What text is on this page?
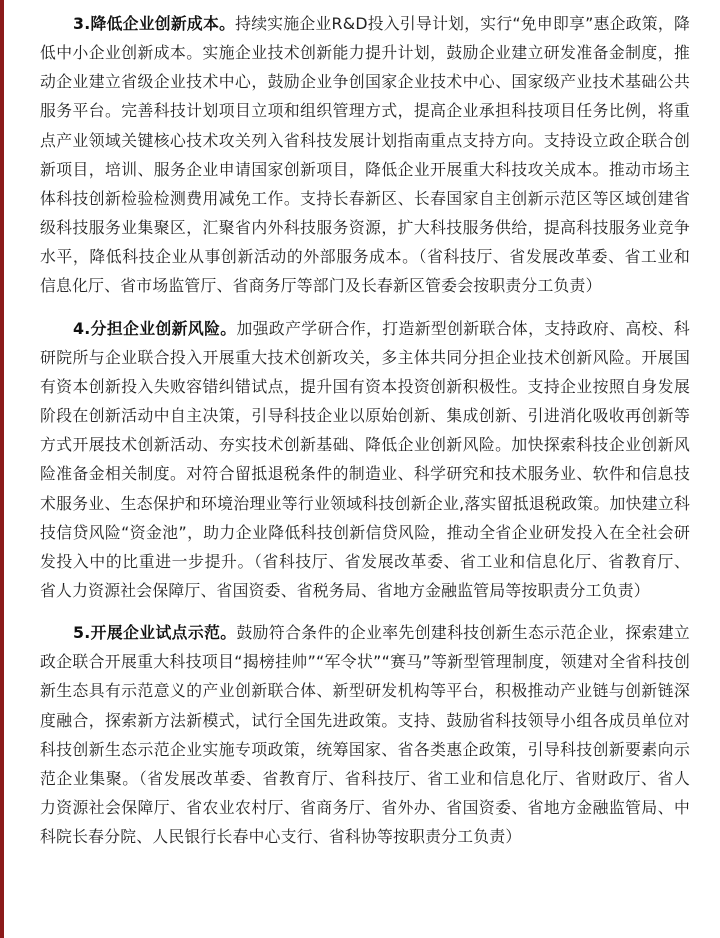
3.降低企业创新成本。持续实施企业R&D投入引导计划，实行“免申即享”惠企政策，降低中小企业创新成本。实施企业技术创新能力提升计划，鼓励企业建立研发准备金制度，推动企业建立省级企业技术中心，鼓励企业争创国家企业技术中心、国家级产业技术基础公共服务平台。完善科技计划项目立项和组织管理方式，提高企业承担科技项目任务比例，将重点产业领域关键核心技术攻关列入省科技发展计划指南重点支持方向。支持设立政企联合创新项目，培训、服务企业申请国家创新项目，降低企业开展重大科技攻关成本。推动市场主体科技创新检验检测费用减免工作。支持长春新区、长春国家自主创新示范区等区域创建省级科技服务业集聚区，汇聚省内外科技服务资源，扩大科技服务供给，提高科技服务业竞争水平，降低科技企业从事创新活动的外部服务成本。（省科技厅、省发展改革委、省工业和信息化厅、省市场监管厅、省商务厅等部门及长春新区管委会按职责分工负责）

4.分担企业创新风险。加强政产学研合作，打造新型创新联合体，支持政府、高校、科研院所与企业联合投入开展重大技术创新攻关，多主体共同分担企业技术创新风险。开展国有资本创新投入失败容错纠错试点，提升国有资本投资创新积极性。支持企业按照自身发展阶段在创新活动中自主决策，引导科技企业以原始创新、集成创新、引进消化吸收再创新等方式开展技术创新活动、夯实技术创新基础、降低企业创新风险。加快探索科技企业创新风险准备金相关制度。对符合留抵退税条件的制造业、科学研究和技术服务业、软件和信息技术服务业、生态保护和环境治理业等行业领域科技创新企业,落实留抵退税政策。加快建立科技信贷风险“资金池”，助力企业降低科技创新信贷风险，推动全省企业研发投入在全社会研发投入中的比重进一步提升。（省科技厅、省发展改革委、省工业和信息化厅、省教育厅、省人力资源社会保障厅、省国资委、省税务局、省地方金融监管局等按职责分工负责）

5.开展企业试点示范。鼓励符合条件的企业率先创建科技创新生态示范企业，探索建立政企联合开展重大科技项目“揭榜挂帅”“军令状”“赛马”等新型管理制度，领建对全省科技创新生态具有示范意义的产业创新联合体、新型研发机构等平台，积极推动产业链与创新链深度融合，探索新方法新模式，试行全国先进政策。支持、鼓励省科技领导小组各成员单位对科技创新生态示范企业实施专项政策，统筹国家、省各类惠企政策，引导科技创新要素向示范企业集聚。（省发展改革委、省教育厅、省科技厅、省工业和信息化厅、省财政厅、省人力资源社会保障厅、省农业农村厅、省商务厅、省外办、省国资委、省地方金融监管局、中科院长春分院、人民银行长春中心支行、省科协等按职责分工负责）
